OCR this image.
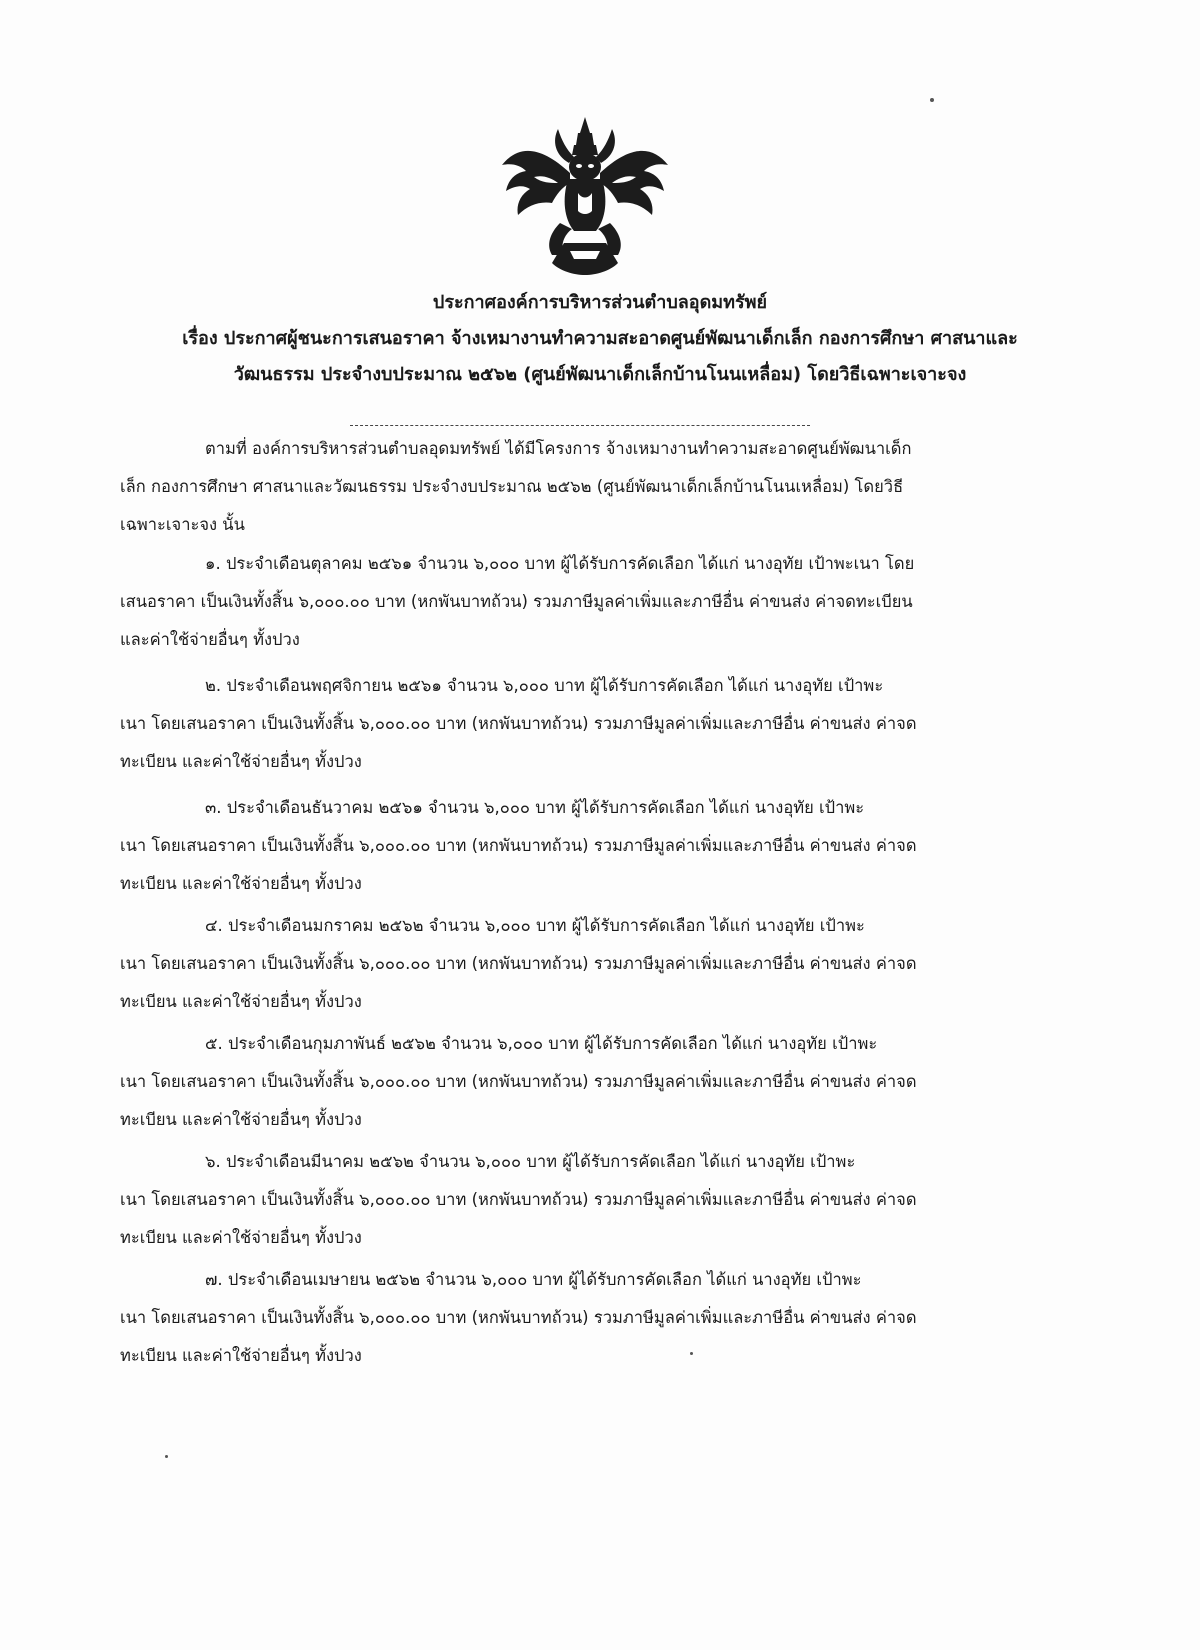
ประกาศองค์การบริหารส่วนตำบลอุดมทรัพย์
เรื่อง ประกาศผู้ชนะการเสนอราคา จ้างเหมางานทำความสะอาดศูนย์พัฒนาเด็กเล็ก กองการศึกษา ศาสนาและ
วัฒนธรรม ประจำงบประมาณ ๒๕๖๒ (ศูนย์พัฒนาเด็กเล็กบ้านโนนเหลื่อม) โดยวิธีเฉพาะเจาะจง
ตามที่ องค์การบริหารส่วนตำบลอุดมทรัพย์ ได้มีโครงการ จ้างเหมางานทำความสะอาดศูนย์พัฒนาเด็ก
เล็ก กองการศึกษา ศาสนาและวัฒนธรรม ประจำงบประมาณ ๒๕๖๒ (ศูนย์พัฒนาเด็กเล็กบ้านโนนเหลื่อม) โดยวิธี
เฉพาะเจาะจง นั้น
๑. ประจำเดือนตุลาคม ๒๕๖๑ จำนวน ๖,๐๐๐ บาท ผู้ได้รับการคัดเลือก ได้แก่ นางอุทัย เป้าพะเนา โดย
เสนอราคา เป็นเงินทั้งสิ้น ๖,๐๐๐.๐๐ บาท (หกพันบาทถ้วน) รวมภาษีมูลค่าเพิ่มและภาษีอื่น ค่าขนส่ง ค่าจดทะเบียน
และค่าใช้จ่ายอื่นๆ ทั้งปวง
๒. ประจำเดือนพฤศจิกายน ๒๕๖๑ จำนวน ๖,๐๐๐ บาท ผู้ได้รับการคัดเลือก ได้แก่ นางอุทัย เป้าพะ
เนา โดยเสนอราคา เป็นเงินทั้งสิ้น ๖,๐๐๐.๐๐ บาท (หกพันบาทถ้วน) รวมภาษีมูลค่าเพิ่มและภาษีอื่น ค่าขนส่ง ค่าจด
ทะเบียน และค่าใช้จ่ายอื่นๆ ทั้งปวง
๓. ประจำเดือนธันวาคม ๒๕๖๑ จำนวน ๖,๐๐๐ บาท ผู้ได้รับการคัดเลือก ได้แก่ นางอุทัย เป้าพะ
เนา โดยเสนอราคา เป็นเงินทั้งสิ้น ๖,๐๐๐.๐๐ บาท (หกพันบาทถ้วน) รวมภาษีมูลค่าเพิ่มและภาษีอื่น ค่าขนส่ง ค่าจด
ทะเบียน และค่าใช้จ่ายอื่นๆ ทั้งปวง
๔. ประจำเดือนมกราคม ๒๕๖๒ จำนวน ๖,๐๐๐ บาท ผู้ได้รับการคัดเลือก ได้แก่ นางอุทัย เป้าพะ
เนา โดยเสนอราคา เป็นเงินทั้งสิ้น ๖,๐๐๐.๐๐ บาท (หกพันบาทถ้วน) รวมภาษีมูลค่าเพิ่มและภาษีอื่น ค่าขนส่ง ค่าจด
ทะเบียน และค่าใช้จ่ายอื่นๆ ทั้งปวง
๕. ประจำเดือนกุมภาพันธ์ ๒๕๖๒ จำนวน ๖,๐๐๐ บาท ผู้ได้รับการคัดเลือก ได้แก่ นางอุทัย เป้าพะ
เนา โดยเสนอราคา เป็นเงินทั้งสิ้น ๖,๐๐๐.๐๐ บาท (หกพันบาทถ้วน) รวมภาษีมูลค่าเพิ่มและภาษีอื่น ค่าขนส่ง ค่าจด
ทะเบียน และค่าใช้จ่ายอื่นๆ ทั้งปวง
๖. ประจำเดือนมีนาคม ๒๕๖๒ จำนวน ๖,๐๐๐ บาท ผู้ได้รับการคัดเลือก ได้แก่ นางอุทัย เป้าพะ
เนา โดยเสนอราคา เป็นเงินทั้งสิ้น ๖,๐๐๐.๐๐ บาท (หกพันบาทถ้วน) รวมภาษีมูลค่าเพิ่มและภาษีอื่น ค่าขนส่ง ค่าจด
ทะเบียน และค่าใช้จ่ายอื่นๆ ทั้งปวง
๗. ประจำเดือนเมษายน ๒๕๖๒ จำนวน ๖,๐๐๐ บาท ผู้ได้รับการคัดเลือก ได้แก่ นางอุทัย เป้าพะ
เนา โดยเสนอราคา เป็นเงินทั้งสิ้น ๖,๐๐๐.๐๐ บาท (หกพันบาทถ้วน) รวมภาษีมูลค่าเพิ่มและภาษีอื่น ค่าขนส่ง ค่าจด
ทะเบียน และค่าใช้จ่ายอื่นๆ ทั้งปวง
